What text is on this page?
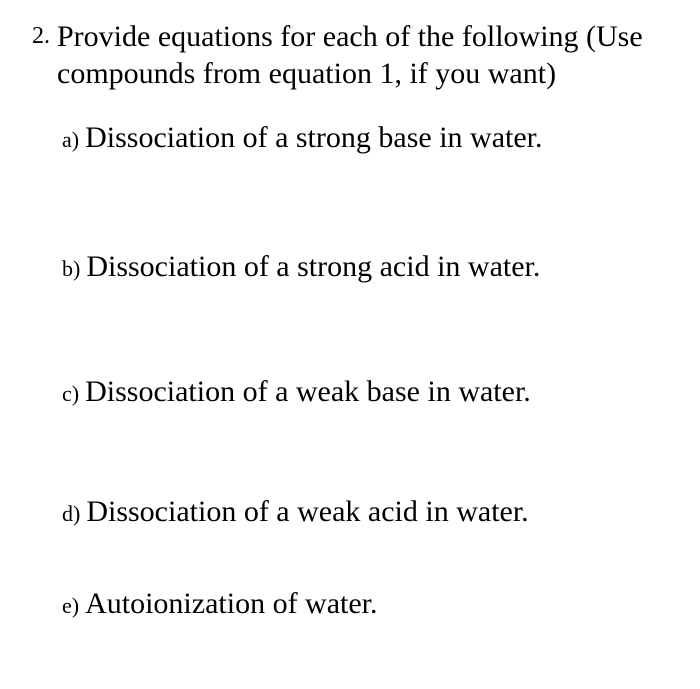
2. Provide equations for each of the following (Use compounds from equation 1, if you want)
a) Dissociation of a strong base in water.
b) Dissociation of a strong acid in water.
c) Dissociation of a weak base in water.
d) Dissociation of a weak acid in water.
e) Autoionization of water.
